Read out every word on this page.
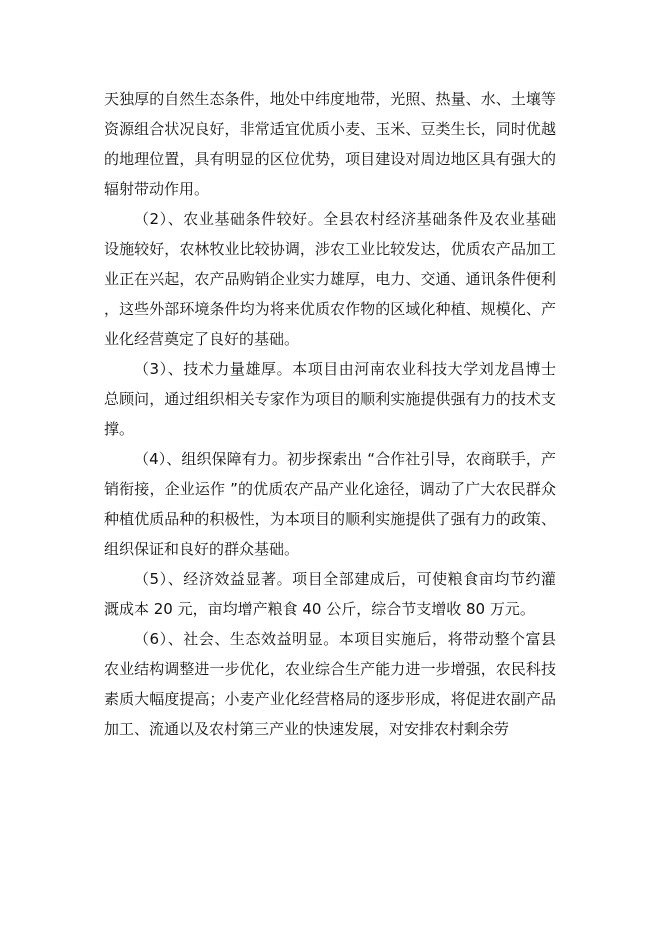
天独厚的自然生态条件，地处中纬度地带，光照、热量、水、土壤等资源组合状况良好，非常适宜优质小麦、玉米、豆类生长，同时优越的地理位置，具有明显的区位优势，项目建设对周边地区具有强大的辐射带动作用。

（2）、农业基础条件较好。全县农村经济基础条件及农业基础设施较好，农林牧业比较协调，涉农工业比较发达，优质农产品加工业正在兴起，农产品购销企业实力雄厚，电力、交通、通讯条件便利，这些外部环境条件均为将来优质农作物的区域化种植、规模化、产业化经营奠定了良好的基础。

（3）、技术力量雄厚。本项目由河南农业科技大学刘龙昌博士总顾问，通过组织相关专家作为项目的顺利实施提供强有力的技术支撑。

（4）、组织保障有力。初步探索出 “合作社引导，农商联手，产销衔接，企业运作 ”的优质农产品产业化途径，调动了广大农民群众种植优质品种的积极性，为本项目的顺利实施提供了强有力的政策、组织保证和良好的群众基础。

（5）、经济效益显著。项目全部建成后，可使粮食亩均节约灌溉成本 20 元，亩均增产粮食 40 公斤，综合节支增收 80 万元。

（6）、社会、生态效益明显。本项目实施后，将带动整个富县农业结构调整进一步优化，农业综合生产能力进一步增强，农民科技素质大幅度提高；小麦产业化经营格局的逐步形成，将促进农副产品加工、流通以及农村第三产业的快速发展，对安排农村剩余劳
